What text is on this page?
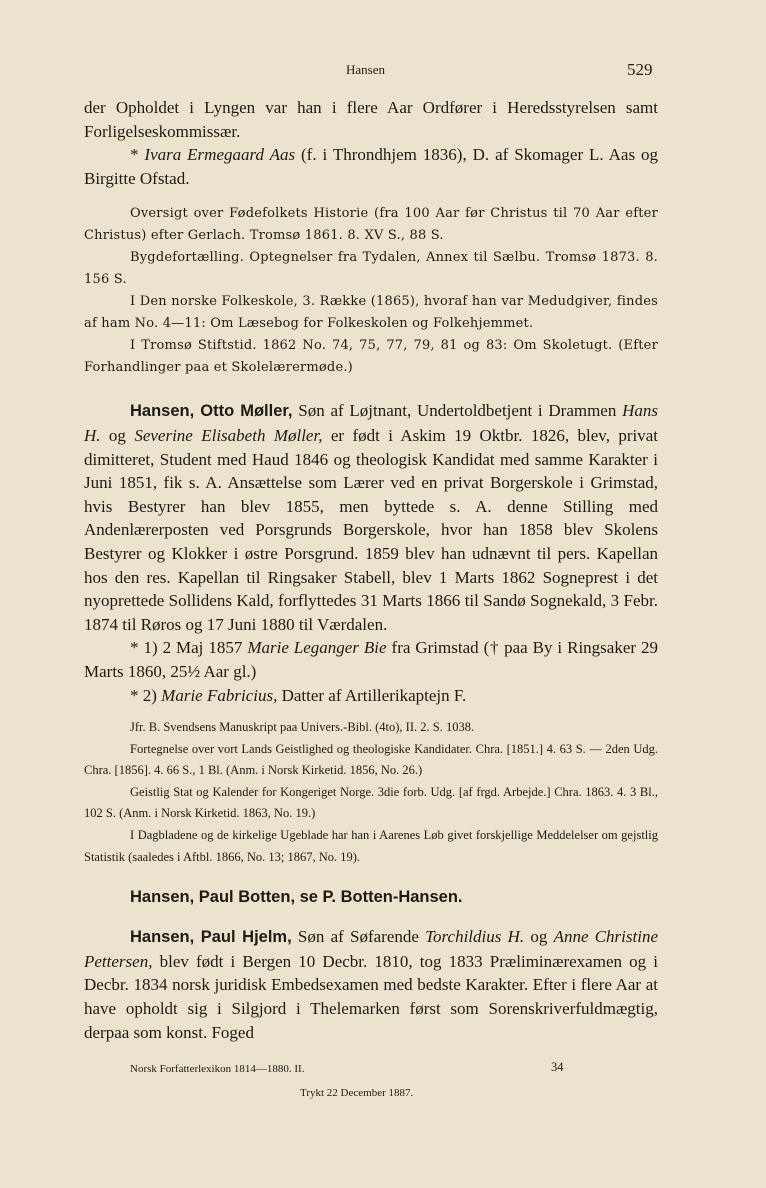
Hansen	529

der Opholdet i Lyngen var han i flere Aar Ordfører i Heredsstyrelsen samt Forligelseskommissær.

* Ivara Ermegaard Aas (f. i Throndhjem 1836), D. af Skomager L. Aas og Birgitte Ofstad.

Oversigt over Fødefolkets Historie (fra 100 Aar før Christus til 70 Aar efter Christus) efter Gerlach. Tromsø 1861. 8. XV S., 88 S.

Bygdefortælling. Optegnelser fra Tydalen, Annex til Sælbu. Tromsø 1873. 8. 156 S.

I Den norske Folkeskole, 3. Række (1865), hvoraf han var Medudgiver, findes af ham No. 4—11: Om Læsebog for Folkeskolen og Folkehjemmet.

I Tromsø Stiftstid. 1862 No. 74, 75, 77, 79, 81 og 83: Om Skoletugt. (Efter Forhandlinger paa et Skolelærermøde.)

Hansen, Otto Møller, Søn af Løjtnant, Undertoldbetjent i Drammen Hans H. og Severine Elisabeth Møller, er født i Askim 19 Oktbr. 1826, blev, privat dimitteret, Student med Haud 1846 og theologisk Kandidat med samme Karakter i Juni 1851, fik s. A. Ansættelse som Lærer ved en privat Borgerskole i Grimstad, hvis Bestyrer han blev 1855, men byttede s. A. denne Stilling med Andenlærerposten ved Porsgrunds Borgerskole, hvor han 1858 blev Skolens Bestyrer og Klokker i østre Porsgrund. 1859 blev han udnævnt til pers. Kapellan hos den res. Kapellan til Ringsaker Stabell, blev 1 Marts 1862 Sogneprest i det nyoprettede Sollidens Kald, forflyttedes 31 Marts 1866 til Sandø Sognekald, 3 Febr. 1874 til Røros og 17 Juni 1880 til Værdalen.

* 1) 2 Maj 1857 Marie Leganger Bie fra Grimstad († paa By i Ringsaker 29 Marts 1860, 25½ Aar gl.)

* 2) Marie Fabricius, Datter af Artillerikaptejn F.

Jfr. B. Svendsens Manuskript paa Univers.-Bibl. (4to), II. 2. S. 1038.

Fortegnelse over vort Lands Geistlighed og theologiske Kandidater. Chra. [1851.] 4. 63 S. — 2den Udg. Chra. [1856]. 4. 66 S., 1 Bl. (Anm. i Norsk Kirketid. 1856, No. 26.)

Geistlig Stat og Kalender for Kongeriget Norge. 3die forb. Udg. [af frgd. Arbejde.] Chra. 1863. 4. 3 Bl., 102 S. (Anm. i Norsk Kirketid. 1863, No. 19.)

I Dagbladene og de kirkelige Ugeblade har han i Aarenes Løb givet forskjellige Meddelelser om gejstlig Statistik (saaledes i Aftbl. 1866, No. 13; 1867, No. 19).

Hansen, Paul Botten, se P. Botten-Hansen.

Hansen, Paul Hjelm, Søn af Søfarende Torchildius H. og Anne Christine Pettersen, blev født i Bergen 10 Decbr. 1810, tog 1833 Præliminærexamen og i Decbr. 1834 norsk juridisk Embedsexamen med bedste Karakter. Efter i flere Aar at have opholdt sig i Silgjord i Thelemarken først som Sorenskriverfuldmægtig, derpaa som konst. Foged

Norsk Forfatterlexikon 1814—1880. II.	34
Trykt 22 December 1887.
